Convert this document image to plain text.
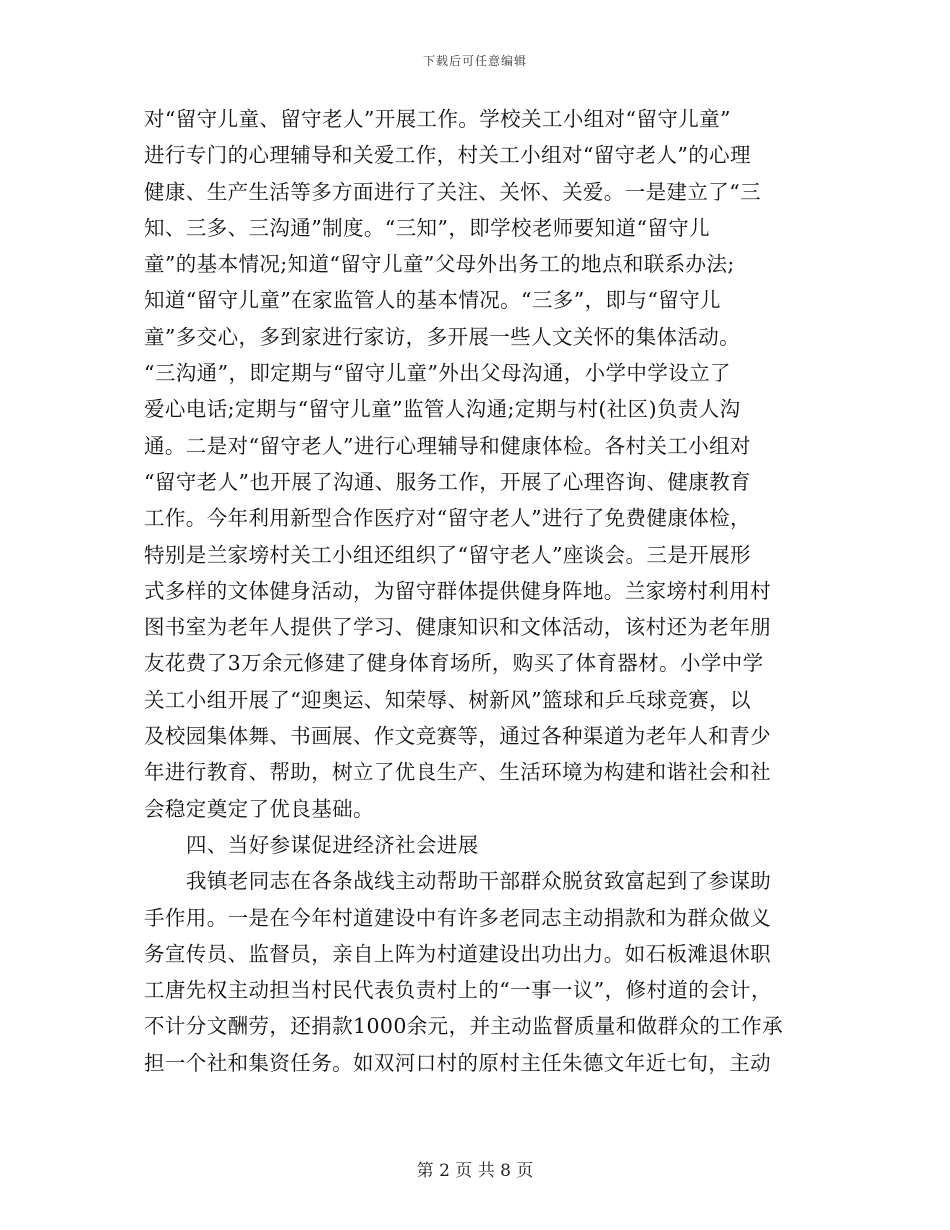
下载后可任意编辑
对“留守儿童、留守老人”开展工作。学校关工小组对“留守儿童”
进行专门的心理辅导和关爱工作，村关工小组对“留守老人”的心理
健康、生产生活等多方面进行了关注、关怀、关爱。一是建立了“三
知、三多、三沟通”制度。“三知”，即学校老师要知道“留守儿
童”的基本情况;知道“留守儿童”父母外出务工的地点和联系办法;
知道“留守儿童”在家监管人的基本情况。“三多”，即与“留守儿
童”多交心，多到家进行家访，多开展一些人文关怀的集体活动。
“三沟通”，即定期与“留守儿童”外出父母沟通，小学中学设立了
爱心电话;定期与“留守儿童”监管人沟通;定期与村(社区)负责人沟
通。二是对“留守老人”进行心理辅导和健康体检。各村关工小组对
“留守老人”也开展了沟通、服务工作，开展了心理咨询、健康教育
工作。今年利用新型合作医疗对“留守老人”进行了免费健康体检，
特别是兰家塝村关工小组还组织了“留守老人”座谈会。三是开展形
式多样的文体健身活动，为留守群体提供健身阵地。兰家塝村利用村
图书室为老年人提供了学习、健康知识和文体活动，该村还为老年朋
友花费了3万余元修建了健身体育场所，购买了体育器材。小学中学
关工小组开展了“迎奥运、知荣辱、树新风”篮球和乒乓球竞赛，以
及校园集体舞、书画展、作文竞赛等，通过各种渠道为老年人和青少
年进行教育、帮助，树立了优良生产、生活环境为构建和谐社会和社
会稳定奠定了优良基础。
四、当好参谋促进经济社会进展
我镇老同志在各条战线主动帮助干部群众脱贫致富起到了参谋助
手作用。一是在今年村道建设中有许多老同志主动捐款和为群众做义
务宣传员、监督员，亲自上阵为村道建设出功出力。如石板滩退休职
工唐先权主动担当村民代表负责村上的“一事一议”，修村道的会计，
不计分文酬劳，还捐款1000余元，并主动监督质量和做群众的工作承
担一个社和集资任务。如双河口村的原村主任朱德文年近七旬，主动
第 2 页 共 8 页
